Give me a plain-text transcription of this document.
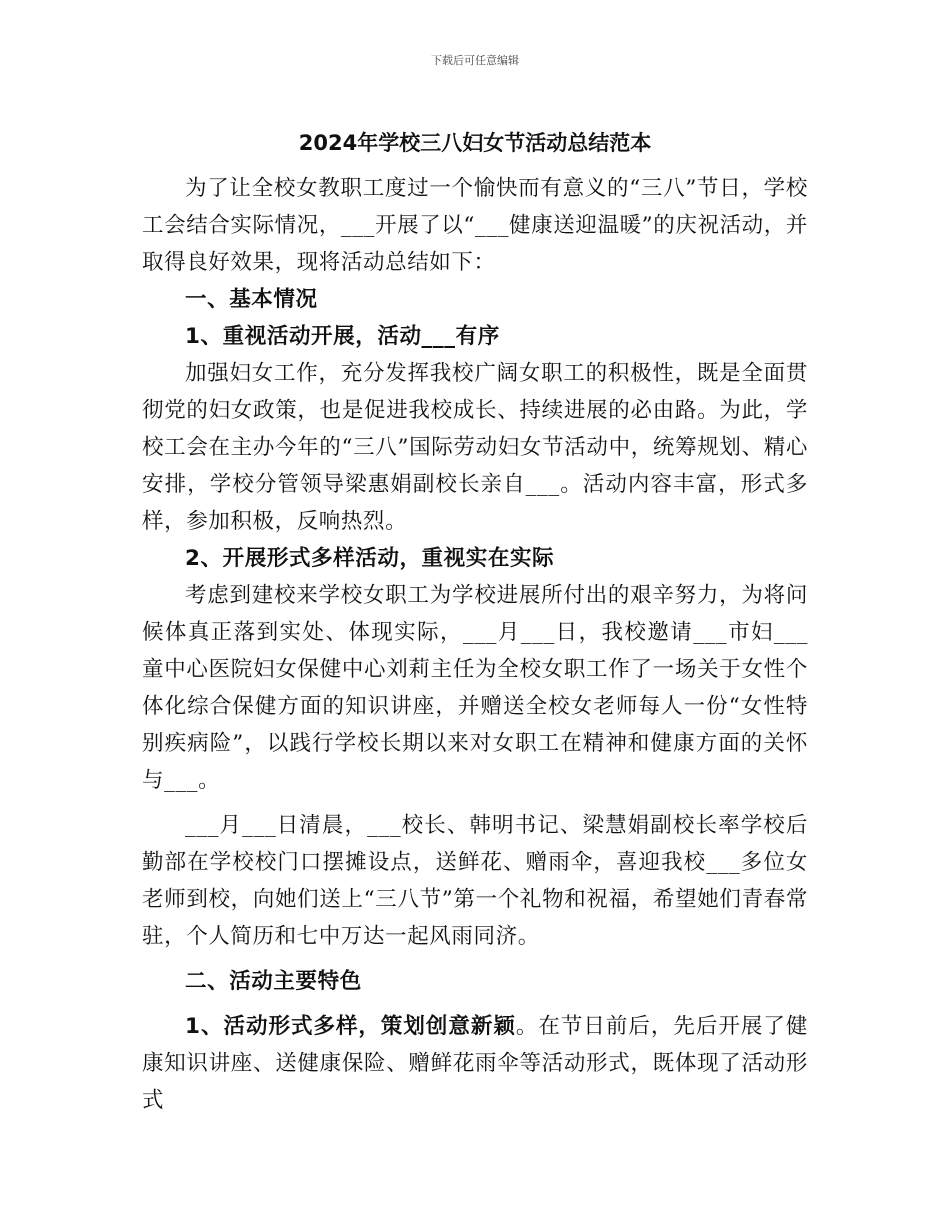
下载后可任意编辑
2024年学校三八妇女节活动总结范本

为了让全校女教职工度过一个愉快而有意义的“三八”节日，学校工会结合实际情况，___开展了以“___健康送迎温暖”的庆祝活动，并取得良好效果，现将活动总结如下：

一、基本情况
1、重视活动开展，活动___有序

加强妇女工作，充分发挥我校广阔女职工的积极性，既是全面贯彻党的妇女政策，也是促进我校成长、持续进展的必由路。为此，学校工会在主办今年的“三八”国际劳动妇女节活动中，统筹规划、精心安排，学校分管领导梁惠娟副校长亲自___。活动内容丰富，形式多样，参加积极，反响热烈。

2、开展形式多样活动，重视实在实际

考虑到建校来学校女职工为学校进展所付出的艰辛努力，为将问候体真正落到实处、体现实际，___月___日，我校邀请___市妇___童中心医院妇女保健中心刘莉主任为全校女职工作了一场关于女性个体化综合保健方面的知识讲座，并赠送全校女老师每人一份“女性特别疾病险”，以践行学校长期以来对女职工在精神和健康方面的关怀与___。

___月___日清晨，___校长、韩明书记、梁慧娟副校长率学校后勤部在学校校门口摆摊设点，送鲜花、赠雨伞，喜迎我校___多位女老师到校，向她们送上“三八节”第一个礼物和祝福，希望她们青春常驻，个人简历和七中万达一起风雨同济。

二、活动主要特色

1、活动形式多样，策划创意新颖。在节日前后，先后开展了健康知识讲座、送健康保险、赠鲜花雨伞等活动形式，既体现了活动形式
